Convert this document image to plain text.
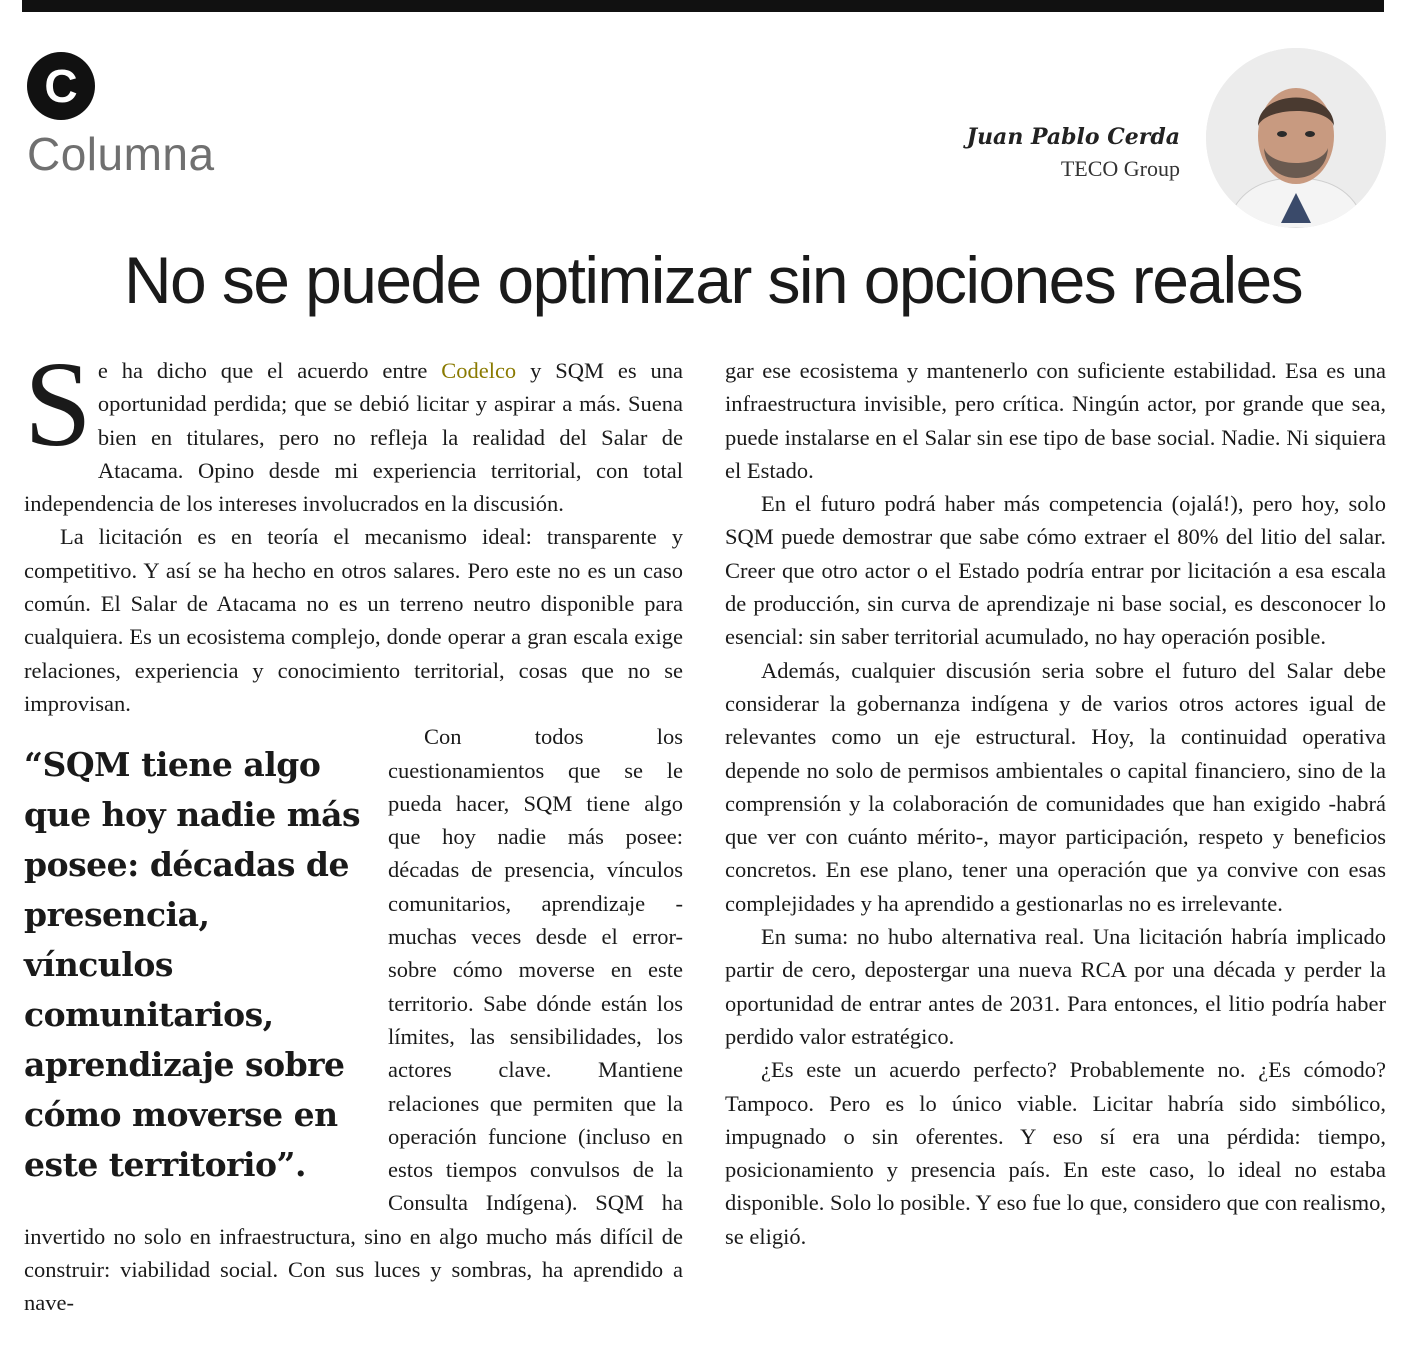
C
Columna	Juan Pablo Cerda
TECO Group
No se puede optimizar sin opciones reales

Se ha dicho que el acuerdo entre Codelco y SQM es una oportunidad perdida; que se debió licitar y aspirar a más. Suena bien en titulares, pero no refleja la realidad del Salar de Atacama. Opino desde mi experiencia territorial, con total independencia de los intereses involucrados en la discusión.

La licitación es en teoría el mecanismo ideal: transparente y competitivo. Y así se ha hecho en otros salares. Pero este no es un caso común. El Salar de Atacama no es un terreno neutro disponible para cualquiera. Es un ecosistema complejo, donde operar a gran escala exige relaciones, experiencia y conocimiento territorial, cosas que no se improvisan.

“SQM tiene algo que hoy nadie más posee: décadas de presencia, vínculos comunitarios, aprendizaje sobre cómo moverse en este territorio”.
Con todos los cuestionamientos que se le pueda hacer, SQM tiene algo que hoy nadie más posee: décadas de presencia, vínculos comunitarios, aprendizaje -muchas veces desde el error- sobre cómo moverse en este territorio. Sabe dónde están los límites, las sensibilidades, los actores clave. Mantiene relaciones que permiten que la operación funcione (incluso en estos tiempos convulsos de la Consulta Indígena). SQM ha invertido no solo en infraestructura, sino en algo mucho más difícil de construir: viabilidad social. Con sus luces y sombras, ha aprendido a nave-

gar ese ecosistema y mantenerlo con suficiente estabilidad. Esa es una infraestructura invisible, pero crítica. Ningún actor, por grande que sea, puede instalarse en el Salar sin ese tipo de base social. Nadie. Ni siquiera el Estado.

En el futuro podrá haber más competencia (ojalá!), pero hoy, solo SQM puede demostrar que sabe cómo extraer el 80% del litio del salar. Creer que otro actor o el Estado podría entrar por licitación a esa escala de producción, sin curva de aprendizaje ni base social, es desconocer lo esencial: sin saber territorial acumulado, no hay operación posible.

Además, cualquier discusión seria sobre el futuro del Salar debe considerar la gobernanza indígena y de varios otros actores igual de relevantes como un eje estructural. Hoy, la continuidad operativa depende no solo de permisos ambientales o capital financiero, sino de la comprensión y la colaboración de comunidades que han exigido -habrá que ver con cuánto mérito-, mayor participación, respeto y beneficios concretos. En ese plano, tener una operación que ya convive con esas complejidades y ha aprendido a gestionarlas no es irrelevante.

En suma: no hubo alternativa real. Una licitación habría implicado partir de cero, depostergar una nueva RCA por una década y perder la oportunidad de entrar antes de 2031. Para entonces, el litio podría haber perdido valor estratégico.

¿Es este un acuerdo perfecto? Probablemente no. ¿Es cómodo? Tampoco. Pero es lo único viable. Licitar habría sido simbólico, impugnado o sin oferentes. Y eso sí era una pérdida: tiempo, posicionamiento y presencia país. En este caso, lo ideal no estaba disponible. Solo lo posible. Y eso fue lo que, considero que con realismo, se eligió.
